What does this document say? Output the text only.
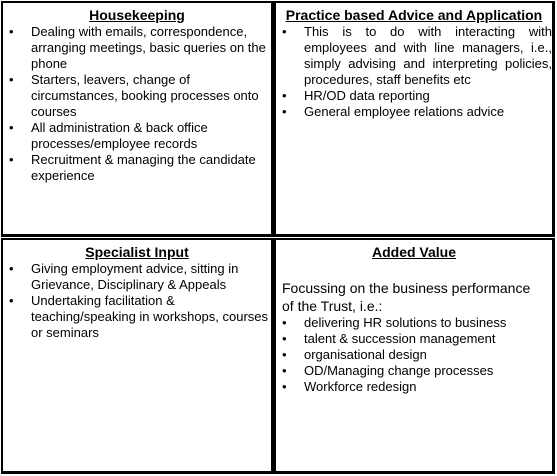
Housekeeping
• Dealing with emails, correspondence, arranging meetings, basic queries on the phone
• Starters, leavers, change of circumstances, booking processes onto courses
• All administration & back office processes/employee records
• Recruitment & managing the candidate experience
Practice based Advice and Application
• This is to do with interacting with employees and with line managers, i.e., simply advising and interpreting policies, procedures, staff benefits etc
• HR/OD data reporting
• General employee relations advice
Specialist Input
• Giving employment advice, sitting in Grievance, Disciplinary & Appeals
• Undertaking facilitation & teaching/speaking in workshops, courses or seminars
Added Value
Focussing on the business performance of the Trust, i.e.:
• delivering HR solutions to business
• talent & succession management
• organisational design
• OD/Managing change processes
• Workforce redesign
